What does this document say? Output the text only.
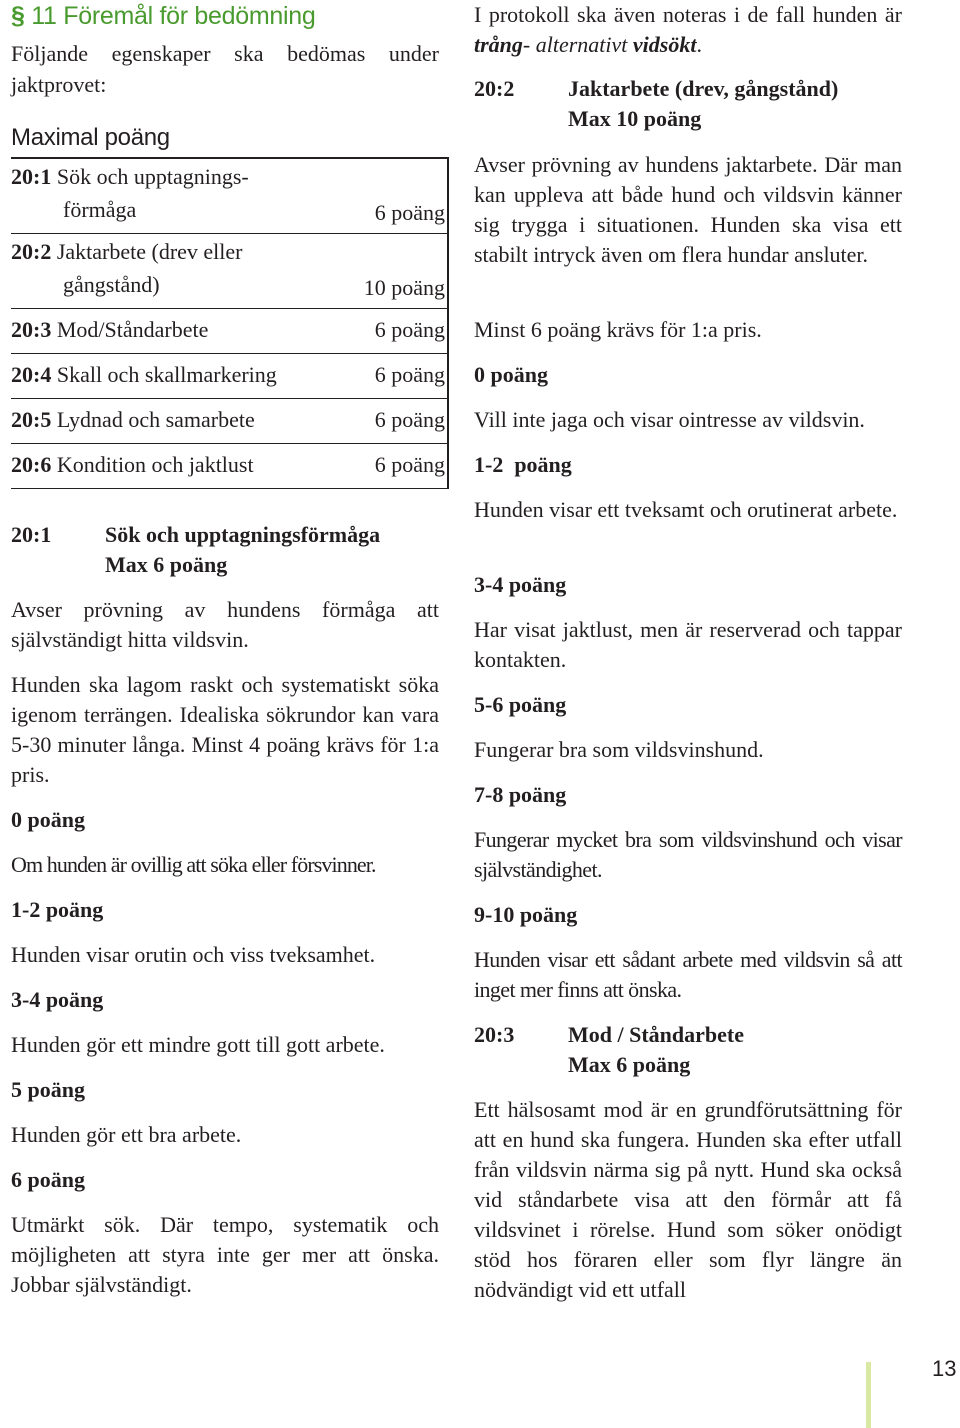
§ 11 Föremål för bedömning
Följande egenskaper ska bedömas under jaktprovet:
Maximal poäng
20:1 Sök och upptagnings-
förmåga	6 poäng
20:2 Jaktarbete (drev eller
gångstånd)	10 poäng
20:3 Mod/Ståndarbete	6 poäng
20:4 Skall och skallmarkering	6 poäng
20:5 Lydnad och samarbete	6 poäng
20:6 Kondition och jaktlust	6 poäng
20:1 Sök och upptagningsförmåga
Max 6 poäng
Avser prövning av hundens förmåga att självständigt hitta vildsvin.
Hunden ska lagom raskt och systematiskt söka igenom terrängen. Idealiska sökrundor kan vara 5-30 minuter långa. Minst 4 poäng krävs för 1:a pris.
0 poäng
Om hunden är ovillig att söka eller försvinner.
1-2 poäng
Hunden visar orutin och viss tveksamhet.
3-4 poäng
Hunden gör ett mindre gott till gott arbete.
5 poäng
Hunden gör ett bra arbete.
6 poäng
Utmärkt sök. Där tempo, systematik och möjligheten att styra inte ger mer att önska. Jobbar självständigt.
I protokoll ska även noteras i de fall hunden är trång- alternativt vidsökt.
20:2 Jaktarbete (drev, gångstånd)
Max 10 poäng
Avser prövning av hundens jaktarbete. Där man kan uppleva att både hund och vildsvin känner sig trygga i situationen. Hunden ska visa ett stabilt intryck även om flera hundar ansluter.
Minst 6 poäng krävs för 1:a pris.
0 poäng
Vill inte jaga och visar ointresse av vildsvin.
1-2  poäng
Hunden visar ett tveksamt och orutinerat arbete.
3-4 poäng
Har visat jaktlust, men är reserverad och tappar kontakten.
5-6 poäng
Fungerar bra som vildsvinshund.
7-8 poäng
Fungerar mycket bra som vildsvinshund och visar självständighet.
9-10 poäng
Hunden visar ett sådant arbete med vildsvin så att inget mer finns att önska.
20:3 Mod / Ståndarbete
Max 6 poäng
Ett hälsosamt mod är en grundförutsättning för att en hund ska fungera. Hunden ska efter utfall från vildsvin närma sig på nytt. Hund ska också vid ståndarbete visa att den förmår att få vildsvinet i rörelse. Hund som söker onödigt stöd hos föraren eller som flyr längre än nödvändigt vid ett utfall
13
